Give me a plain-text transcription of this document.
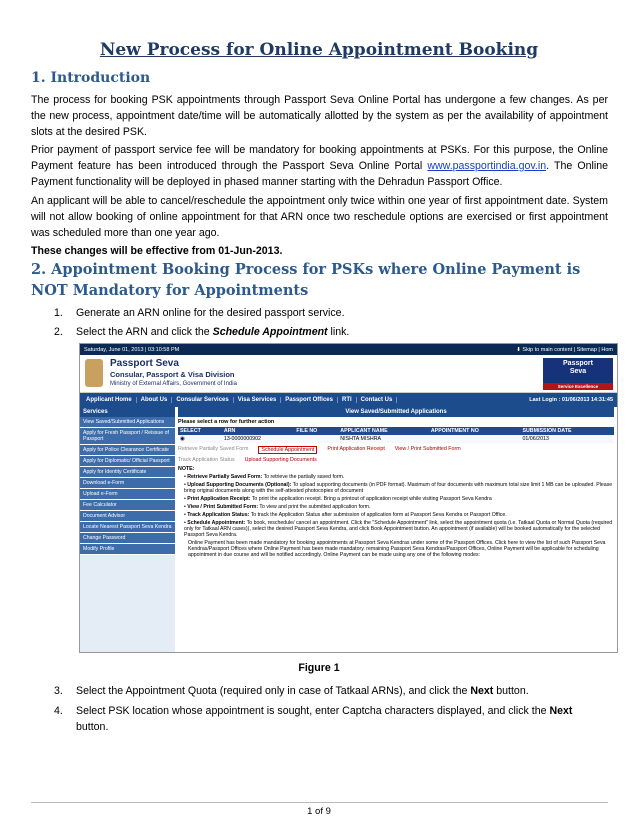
New Process for Online Appointment Booking
1. Introduction
The process for booking PSK appointments through Passport Seva Online Portal has undergone a few changes. As per the new process, appointment date/time will be automatically allotted by the system as per the availability of appointment slots at the desired PSK.
Prior payment of passport service fee will be mandatory for booking appointments at PSKs. For this purpose, the Online Payment feature has been introduced through the Passport Seva Online Portal www.passportindia.gov.in. The Online Payment functionality will be deployed in phased manner starting with the Dehradun Passport Office.
An applicant will be able to cancel/reschedule the appointment only twice within one year of first appointment date. System will not allow booking of online appointment for that ARN once two reschedule options are exercised or first appointment was scheduled more than one year ago.
These changes will be effective from 01-Jun-2013.
2. Appointment Booking Process for PSKs where Online Payment is NOT Mandatory for Appointments
1. Generate an ARN online for the desired passport service.
2. Select the ARN and click the Schedule Appointment link.
Saturday, June 01, 2013 | 03:10:58 PM	⬇ Skip to main content | Sitemap | Hom
Passport Seva
Consular, Passport & Visa Division
Ministry of External Affairs, Government of India
Passport
Seva
Service Excellence
Applicant Home	About Us	Consular Services	Visa Services	Passport Offices	RTI	Contact Us	Last Login : 01/06/2013 14:31:45
Services
View Saved/Submitted Applications
Apply for Fresh Passport / Reissue of Passport
Apply for Police Clearance Certificate
Apply for Diplomatic/ Official Passport
Apply for Identity Certificate
Download e-Form
Upload e-Form
Fee Calculator
Document Advisor
Locate Nearest Passport Seva Kendra
Change Password
Modify Profile
View Saved/Submitted Applications
Please select a row for further action
SELECT	ARN	FILE NO	APPLICANT NAME	APPOINTMENT NO	SUBMISSION DATE
◉	13-0000000902		NISHTA MISHRA		01/06/2013
Retrieve Partially Saved Form	Schedule Appointment	Print Application Receipt View / Print Submitted Form
Track Application Status Upload Supporting Documents
NOTE:
• Retrieve Partially Saved Form: To retrieve the partially saved form.
• Upload Supporting Documents (Optional): To upload supporting documents (in PDF format). Maximum of four documents with maximum total size limit 1 MB can be uploaded. Please bring original documents along with the self-attested photocopies of document
• Print Application Receipt: To print the application receipt. Bring a printout of application receipt while visiting Passport Seva Kendra
• View / Print Submitted Form: To view and print the submitted application form.
• Track Application Status: To track the Application Status after submission of application form at Passport Seva Kendra or Passport Office.
• Schedule Appointment: To book, reschedule/ cancel an appointment. Click the "Schedule Appointment" link, select the appointment quota (i.e. Tatkaal Quota or Normal Quota (required only for Tatkaal ARN cases)), select the desired Passport Seva Kendra, and click Book Appointment button. An appointment (if available) will be booked automatically for the selected Passport Seva Kendra.
Online Payment has been made mandatory for booking appointments at Passport Seva Kendras under some of the Passport Offices. Click here to view the list of such Passport Seva Kendras/Passport Offices where Online Payment has been made mandatory. remaining Passport Seva Kendras/Passport Offices, Online Payment will be applicable for scheduling appointment in due course and will be notified accordingly. Online Payment can be made using any one of the following modes:
Figure 1
3. Select the Appointment Quota (required only in case of Tatkaal ARNs), and click the Next button.
4. Select PSK location whose appointment is sought, enter Captcha characters displayed, and click the Next button.
1 of 9
